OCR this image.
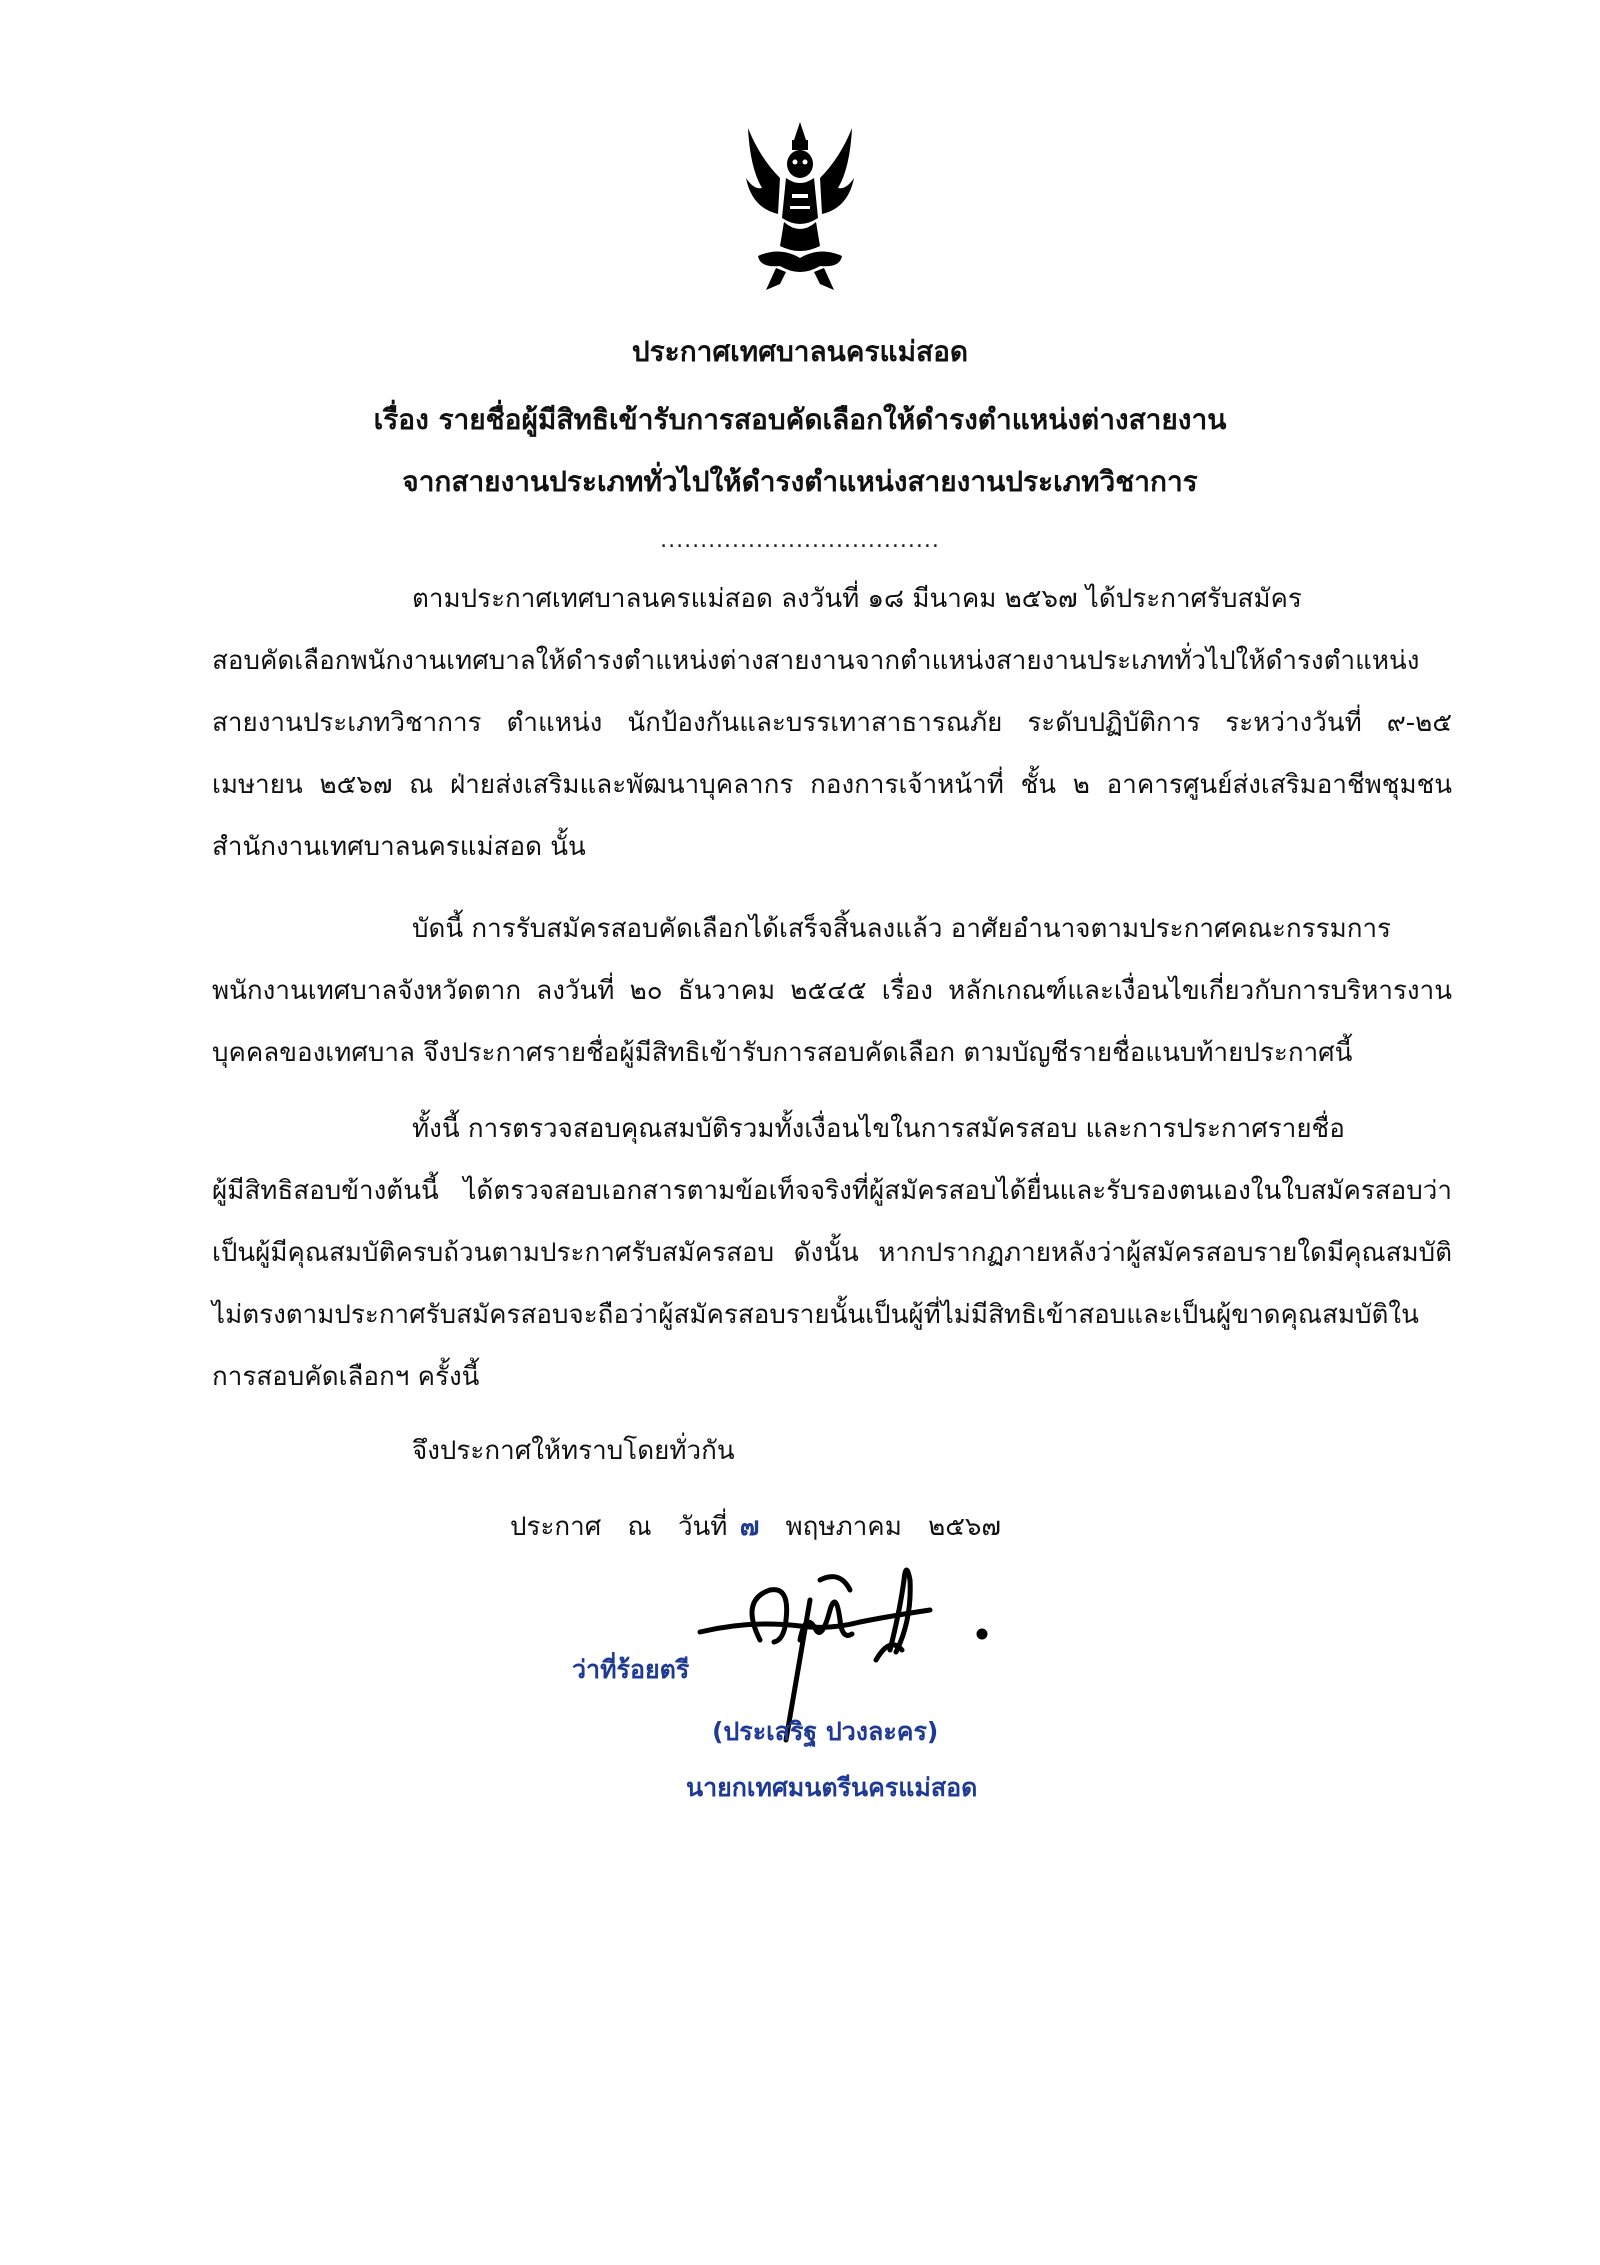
ประกาศเทศบาลนครแม่สอด
เรื่อง รายชื่อผู้มีสิทธิเข้ารับการสอบคัดเลือกให้ดำรงตำแหน่งต่างสายงาน
จากสายงานประเภททั่วไปให้ดำรงตำแหน่งสายงานประเภทวิชาการ
...................................
ตามประกาศเทศบาลนครแม่สอด ลงวันที่ ๑๘ มีนาคม ๒๕๖๗ ได้ประกาศรับสมัคร
สอบคัดเลือกพนักงานเทศบาลให้ดำรงตำแหน่งต่างสายงานจากตำแหน่งสายงานประเภททั่วไปให้ดำรงตำแหน่งสายงานประเภทวิชาการ ตำแหน่ง นักป้องกันและบรรเทาสาธารณภัย ระดับปฏิบัติการ ระหว่างวันที่ ๙-๒๕ เมษายน ๒๕๖๗ ณ ฝ่ายส่งเสริมและพัฒนาบุคลากร กองการเจ้าหน้าที่ ชั้น ๒ อาคารศูนย์ส่งเสริมอาชีพชุมชน สำนักงานเทศบาลนครแม่สอด นั้น
บัดนี้ การรับสมัครสอบคัดเลือกได้เสร็จสิ้นลงแล้ว อาศัยอำนาจตามประกาศคณะกรรมการ
พนักงานเทศบาลจังหวัดตาก ลงวันที่ ๒๐ ธันวาคม ๒๕๔๕ เรื่อง หลักเกณฑ์และเงื่อนไขเกี่ยวกับการบริหารงานบุคคลของเทศบาล จึงประกาศรายชื่อผู้มีสิทธิเข้ารับการสอบคัดเลือก ตามบัญชีรายชื่อแนบท้ายประกาศนี้
ทั้งนี้ การตรวจสอบคุณสมบัติรวมทั้งเงื่อนไขในการสมัครสอบ และการประกาศรายชื่อ
ผู้มีสิทธิสอบข้างต้นนี้ ได้ตรวจสอบเอกสารตามข้อเท็จจริงที่ผู้สมัครสอบได้ยื่นและรับรองตนเองในใบสมัครสอบว่าเป็นผู้มีคุณสมบัติครบถ้วนตามประกาศรับสมัครสอบ ดังนั้น หากปรากฏภายหลังว่าผู้สมัครสอบรายใดมีคุณสมบัติไม่ตรงตามประกาศรับสมัครสอบจะถือว่าผู้สมัครสอบรายนั้นเป็นผู้ที่ไม่มีสิทธิเข้าสอบและเป็นผู้ขาดคุณสมบัติในการสอบคัดเลือกฯ ครั้งนี้
จึงประกาศให้ทราบโดยทั่วกัน
ประกาศ ณ วันที่ ๗ พฤษภาคม ๒๕๖๗
ว่าที่ร้อยตรี
(ประเสริฐ ปวงละคร)
นายกเทศมนตรีนครแม่สอด
